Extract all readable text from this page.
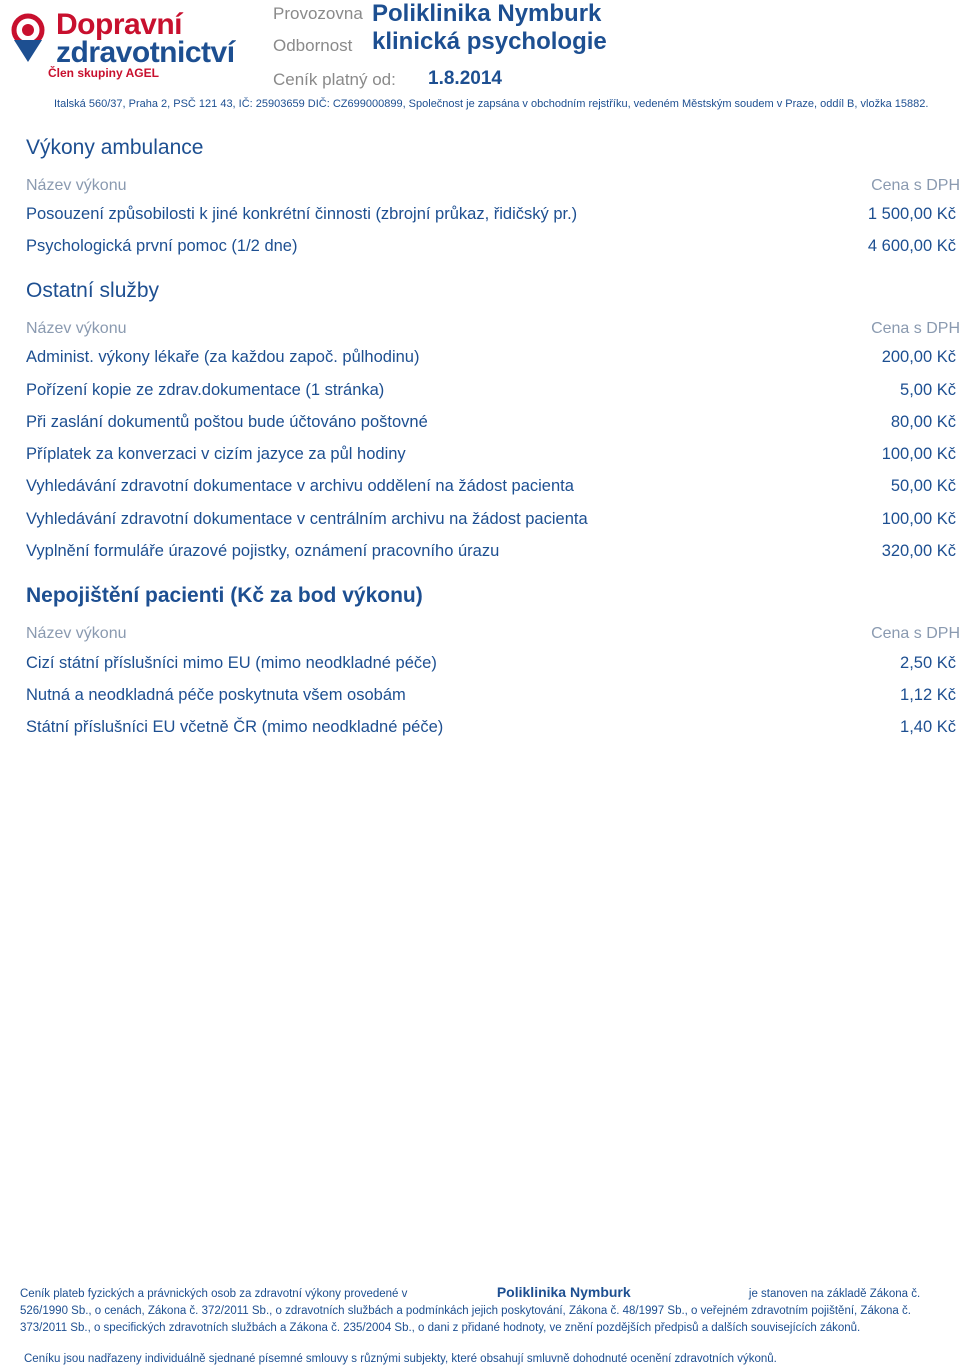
Dopravní
zdravotnictví
Člen skupiny AGEL
Provozovna Poliklinika Nymburk
Odbornost klinická psychologie
Ceník platný od: 1.8.2014
Italská 560/37, Praha 2, PSČ 121 43, IČ: 25903659 DIČ: CZ699000899, Společnost je zapsána v obchodním rejstříku, vedeném Městským soudem v Praze, oddíl B, vložka 15882.
Výkony ambulance
Název výkonu	Cena s DPH
Posouzení způsobilosti k jiné konkrétní činnosti (zbrojní průkaz, řidičský pr.)	1 500,00 Kč
Psychologická první pomoc (1/2 dne)	4 600,00 Kč
Ostatní služby
Název výkonu	Cena s DPH
Administ. výkony lékaře (za každou započ. půlhodinu)	200,00 Kč
Pořízení kopie ze zdrav.dokumentace (1 stránka)	5,00 Kč
Při zaslání dokumentů poštou bude účtováno poštovné	80,00 Kč
Příplatek za konverzaci v cizím jazyce za půl hodiny	100,00 Kč
Vyhledávání zdravotní dokumentace v archivu oddělení na žádost pacienta	50,00 Kč
Vyhledávání zdravotní dokumentace v centrálním archivu na žádost pacienta	100,00 Kč
Vyplnění formuláře úrazové pojistky, oznámení pracovního úrazu	320,00 Kč
Nepojištění pacienti (Kč za bod výkonu)
Název výkonu	Cena s DPH
Cizí státní příslušníci mimo EU (mimo neodkladné péče)	2,50 Kč
Nutná a neodkladná péče poskytnuta všem osobám	1,12 Kč
Státní příslušníci EU včetně ČR (mimo neodkladné péče)	1,40 Kč
Ceník plateb fyzických a právnických osob za zdravotní výkony provedené v	Poliklinika Nymburk	je stanoven na základě Zákona č. 526/1990 Sb., o cenách, Zákona č. 372/2011 Sb., o zdravotních službách a podmínkách jejich poskytování, Zákona č. 48/1997 Sb., o veřejném zdravotním pojištění, Zákona č. 373/2011 Sb., o specifických zdravotních službách a Zákona č. 235/2004 Sb., o dani z přidané hodnoty, ve znění pozdějších předpisů a dalších souvisejících zákonů.
Ceníku jsou nadřazeny individuálně sjednané písemné smlouvy s různými subjekty, které obsahují smluvně dohodnuté ocenění zdravotních výkonů.
